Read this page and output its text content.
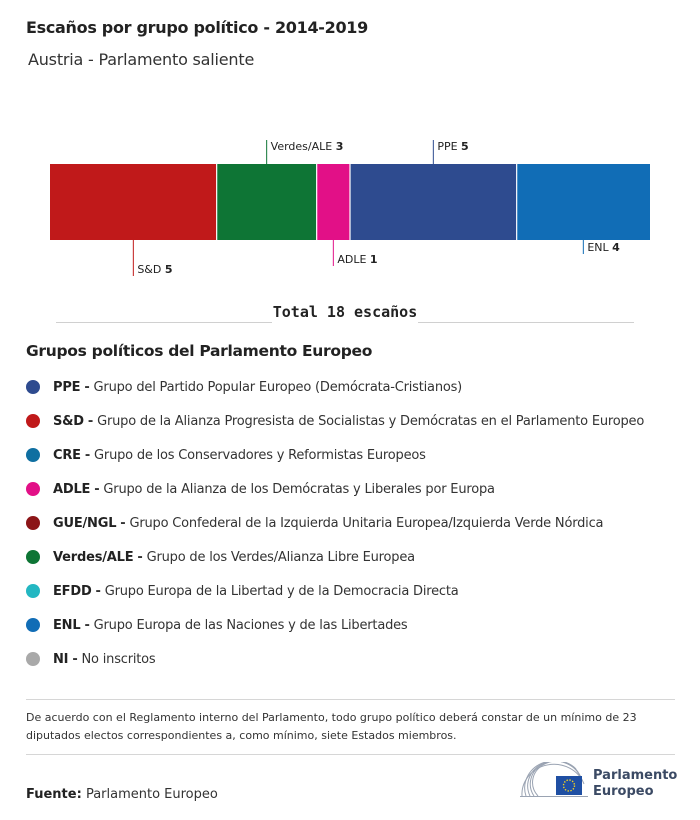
Escaños por grupo político - 2014-2019
Austria - Parlamento saliente
S&D 5
Verdes/ALE 3
ADLE 1
PPE 5
ENL 4
Total 18 escaños
Grupos políticos del Parlamento Europeo
PPE - Grupo del Partido Popular Europeo (Demócrata-Cristianos)
S&D - Grupo de la Alianza Progresista de Socialistas y Demócratas en el Parlamento Europeo
CRE - Grupo de los Conservadores y Reformistas Europeos
ADLE - Grupo de la Alianza de los Demócratas y Liberales por Europa
GUE/NGL - Grupo Confederal de la Izquierda Unitaria Europea/Izquierda Verde Nórdica
Verdes/ALE - Grupo de los Verdes/Alianza Libre Europea
EFDD - Grupo Europa de la Libertad y de la Democracia Directa
ENL - Grupo Europa de las Naciones y de las Libertades
NI - No inscritos
De acuerdo con el Reglamento interno del Parlamento, todo grupo político deberá constar de un mínimo de 23 diputados electos correspondientes a, como mínimo, siete Estados miembros.
Fuente: Parlamento Europeo
Parlamento
Europeo
